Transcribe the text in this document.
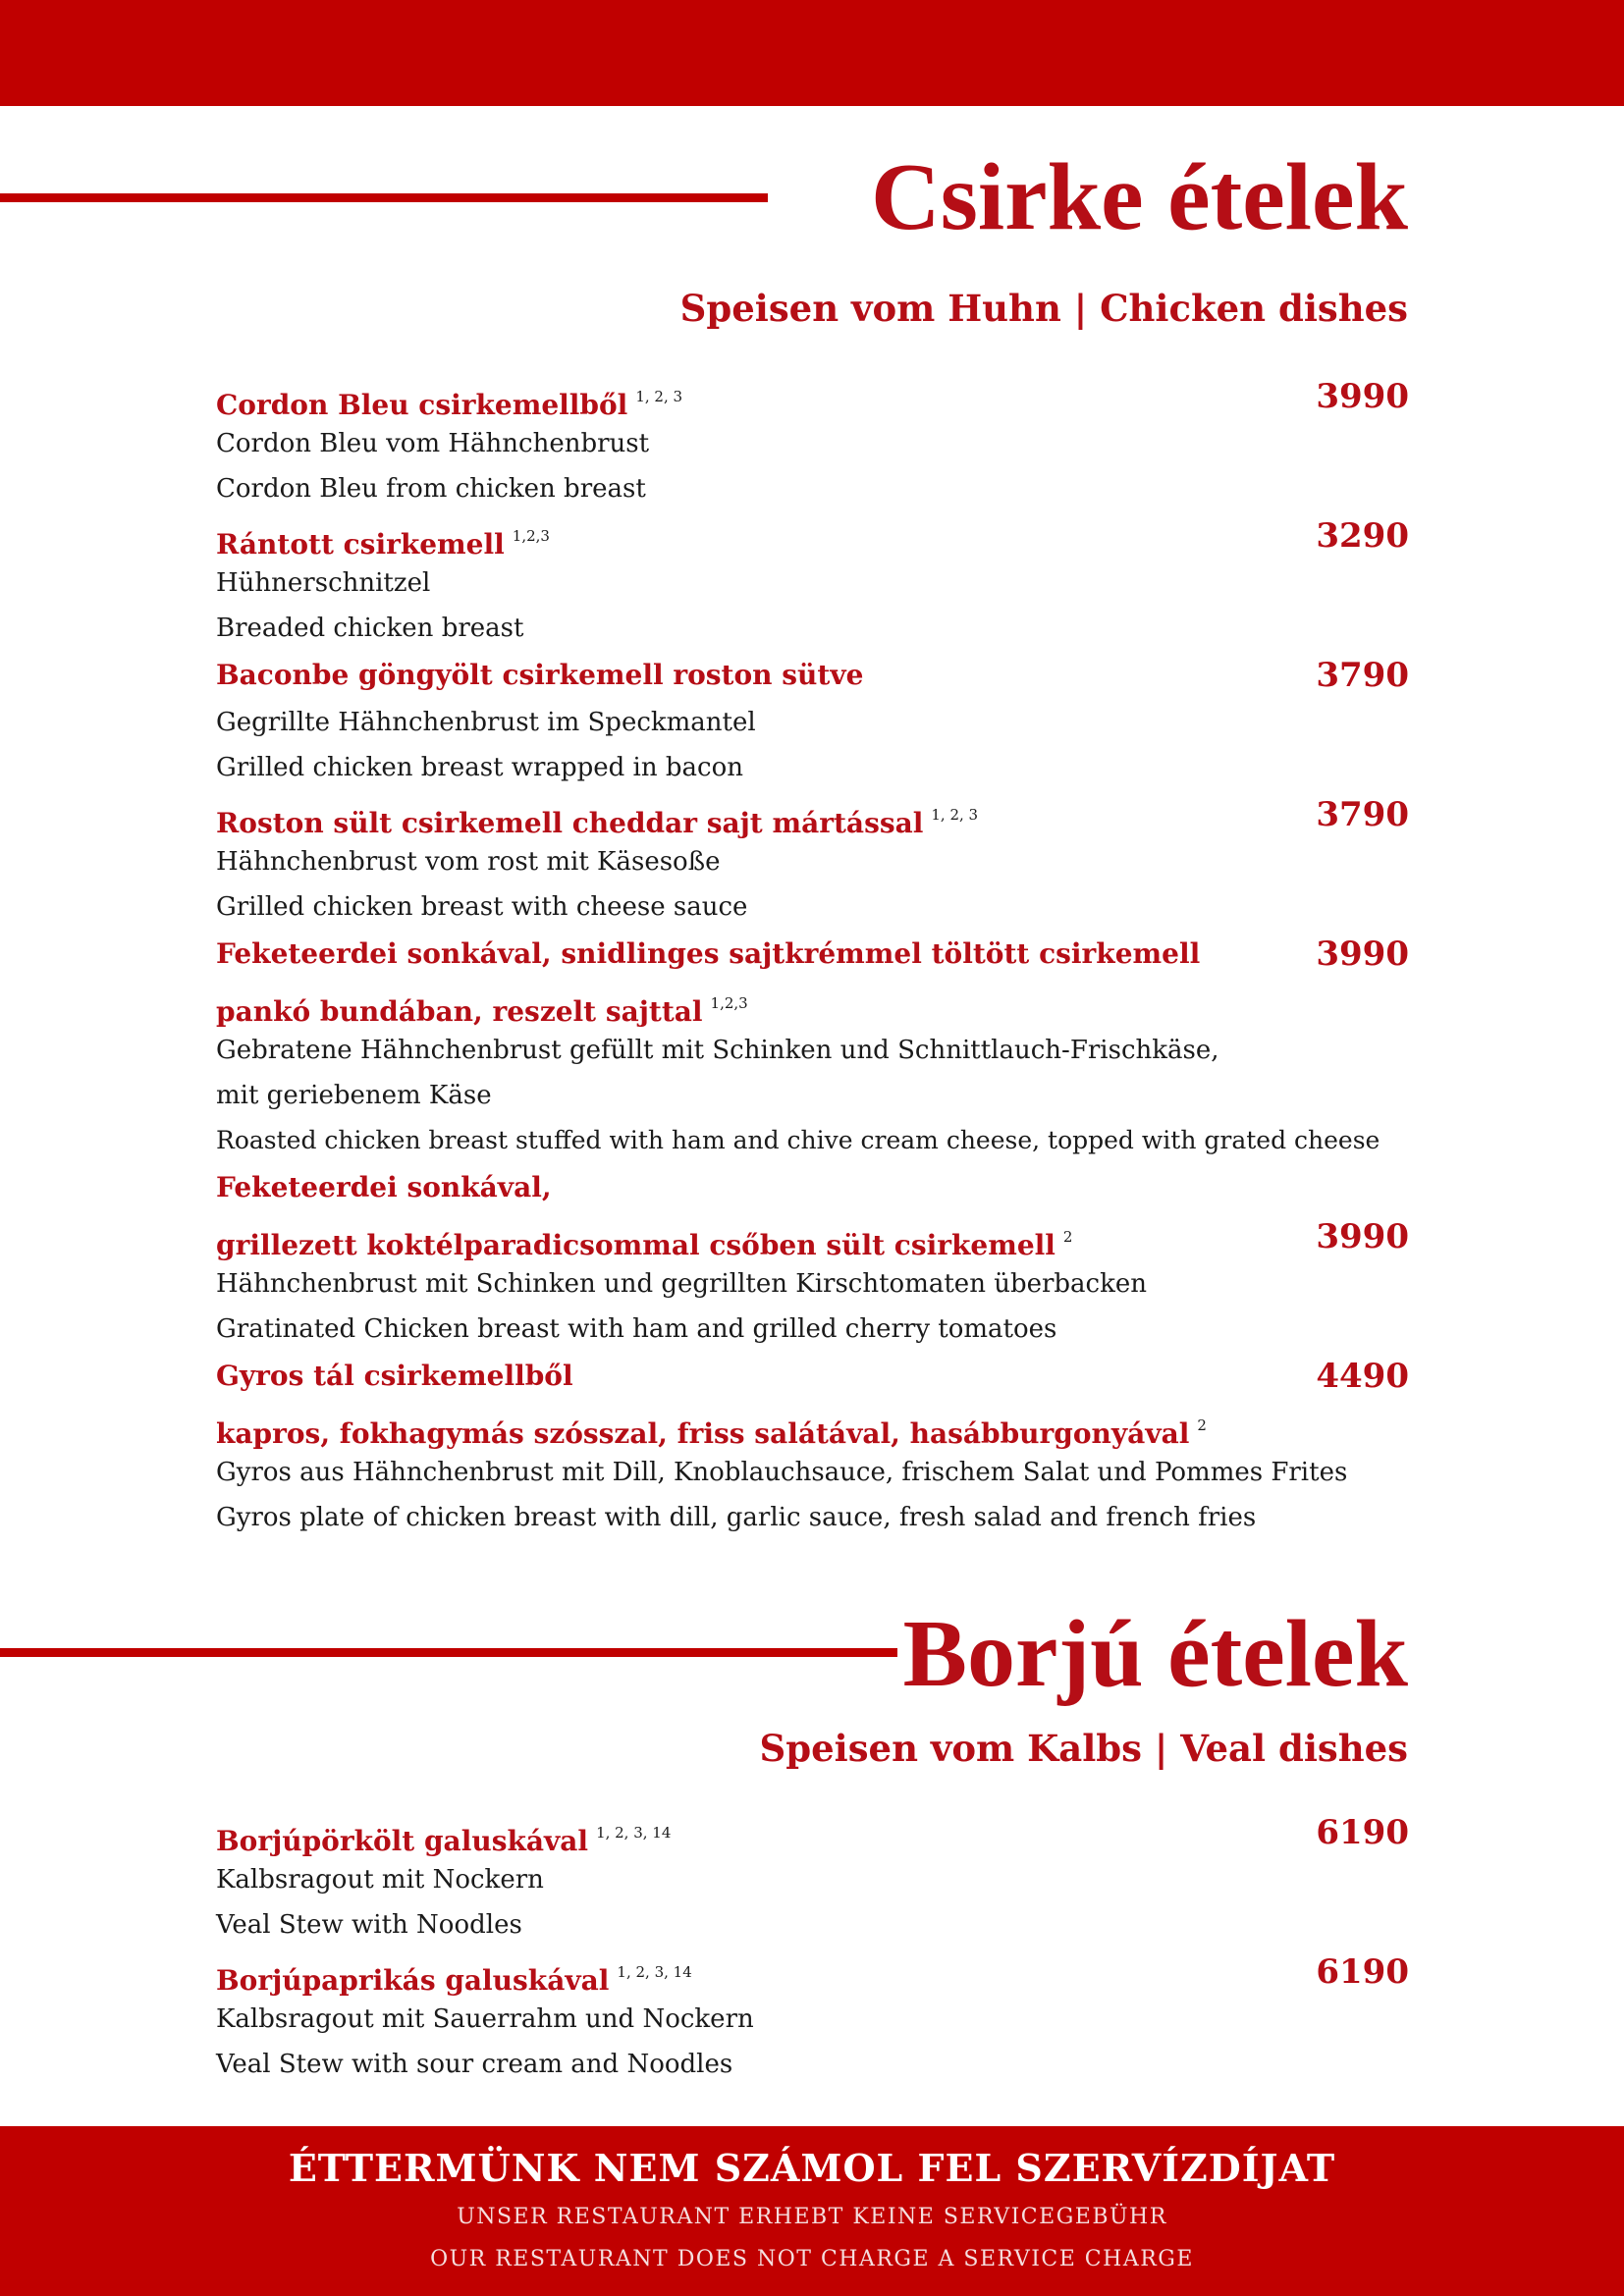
Csirke ételek
Speisen vom Huhn | Chicken dishes
Cordon Bleu csirkemellből $^{1, 2, 3}$	3990
Cordon Bleu vom Hähnchenbrust
Cordon Bleu from chicken breast
Rántott csirkemell $^{1,2,3}$	3290
Hühnerschnitzel
Breaded chicken breast
Baconbe göngyölt csirkemell roston sütve	3790
Gegrillte Hähnchenbrust im Speckmantel
Grilled chicken breast wrapped in bacon
Roston sült csirkemell cheddar sajt mártással $^{1, 2, 3}$	3790
Hähnchenbrust vom rost mit Käsesoße
Grilled chicken breast with cheese sauce
Feketeerdei sonkával, snidlinges sajtkrémmel töltött csirkemell	3990
pankó bundában, reszelt sajttal $^{1,2,3}$
Gebratene Hähnchenbrust gefüllt mit Schinken und Schnittlauch-Frischkäse,
mit geriebenem Käse
Roasted chicken breast stuffed with ham and chive cream cheese, topped with grated cheese
Feketeerdei sonkával,
grillezett koktélparadicsommal csőben sült csirkemell $^2$	3990
Hähnchenbrust mit Schinken und gegrillten Kirschtomaten überbacken
Gratinated Chicken breast with ham and grilled cherry tomatoes
Gyros tál csirkemellből	4490
kapros, fokhagymás szósszal, friss salátával, hasábburgonyával $^2$
Gyros aus Hähnchenbrust mit Dill, Knoblauchsauce, frischem Salat und Pommes Frites
Gyros plate of chicken breast with dill, garlic sauce, fresh salad and french fries
Borjú ételek
Speisen vom Kalbs | Veal dishes
Borjúpörkölt galuskával $^{1, 2, 3, 14}$	6190
Kalbsragout mit Nockern
Veal Stew with Noodles
Borjúpaprikás galuskával $^{1, 2, 3, 14}$	6190
Kalbsragout mit Sauerrahm und Nockern
Veal Stew with sour cream and Noodles
ÉTTERMÜNK NEM SZÁMOL FEL SZERVÍZDÍJAT
UNSER RESTAURANT ERHEBT KEINE SERVICEGEBÜHR
OUR RESTAURANT DOES NOT CHARGE A SERVICE CHARGE
